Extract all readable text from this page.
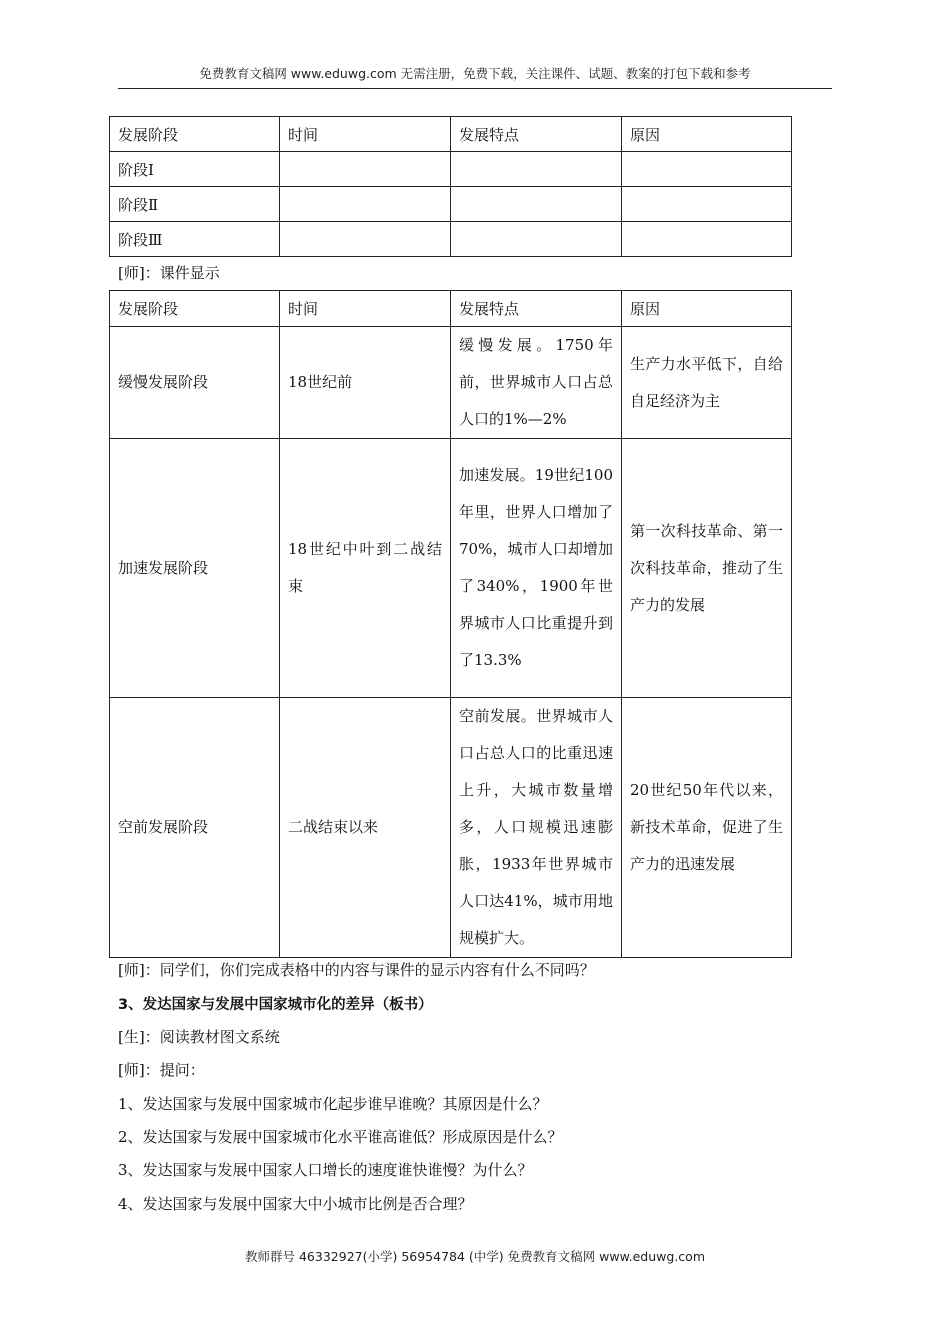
免费教育文稿网 www.eduwg.com 无需注册，免费下载，关注课件、试题、教案的打包下载和参考
发展阶段	时间	发展特点	原因
阶段Ⅰ			
阶段Ⅱ			
阶段Ⅲ			
[师]：课件显示
发展阶段	时间	发展特点	原因
缓慢发展阶段	18世纪前	缓慢发展。1750年前，世界城市人口占总人口的1%—2%	生产力水平低下，自给自足经济为主
加速发展阶段	18世纪中叶到二战结束	加速发展。19世纪100年里，世界人口增加了70%，城市人口却增加了340%，1900年世界城市人口比重提升到了13.3%	第一次科技革命、第一次科技革命，推动了生产力的发展
空前发展阶段	二战结束以来	空前发展。世界城市人口占总人口的比重迅速上升，大城市数量增多，人口规模迅速膨胀，1933年世界城市人口达41%，城市用地规模扩大。	20世纪50年代以来，新技术革命，促进了生产力的迅速发展
[师]：同学们，你们完成表格中的内容与课件的显示内容有什么不同吗？
3、发达国家与发展中国家城市化的差异（板书）
[生]：阅读教材图文系统
[师]：提问：
1、发达国家与发展中国家城市化起步谁早谁晚？其原因是什么？
2、发达国家与发展中国家城市化水平谁高谁低？形成原因是什么？
3、发达国家与发展中国家人口增长的速度谁快谁慢？为什么？
4、发达国家与发展中国家大中小城市比例是否合理？
教师群号 46332927(小学) 56954784 (中学) 免费教育文稿网 www.eduwg.com
